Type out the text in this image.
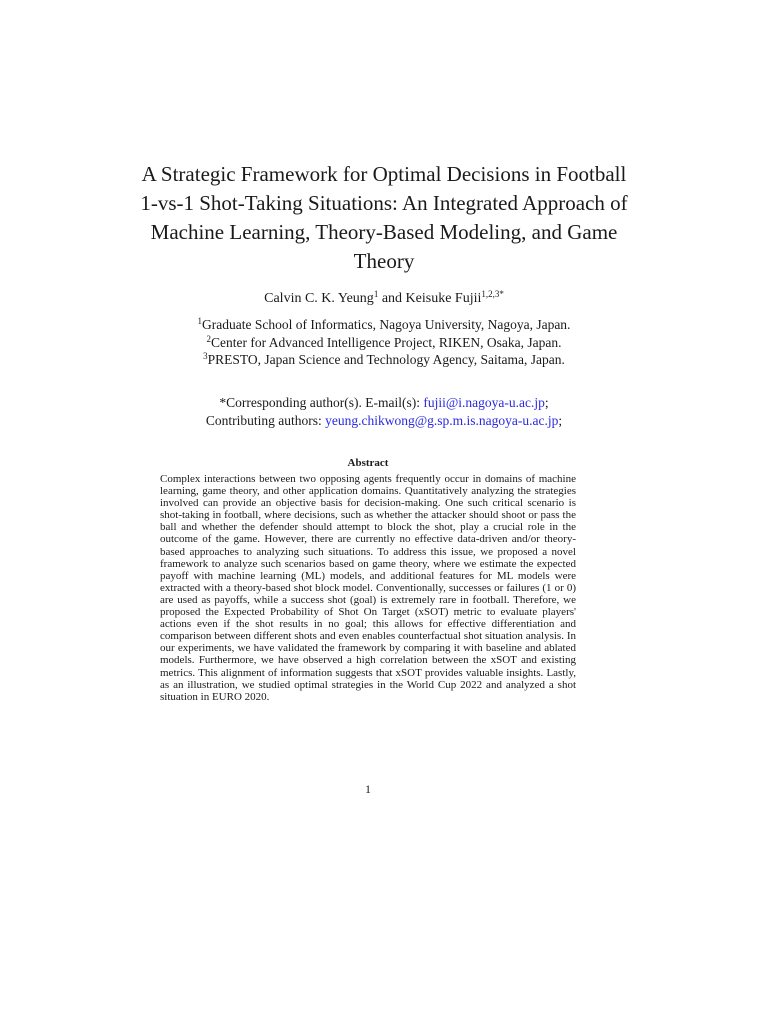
A Strategic Framework for Optimal Decisions in Football 1-vs-1 Shot-Taking Situations: An Integrated Approach of Machine Learning, Theory-Based Modeling, and Game Theory
Calvin C. K. Yeung$^1$ and Keisuke Fujii$^{1,2,3*}$
$^1$Graduate School of Informatics, Nagoya University, Nagoya, Japan.
$^2$Center for Advanced Intelligence Project, RIKEN, Osaka, Japan.
$^3$PRESTO, Japan Science and Technology Agency, Saitama, Japan.
*Corresponding author(s). E-mail(s): fujii@i.nagoya-u.ac.jp;
Contributing authors: yeung.chikwong@g.sp.m.is.nagoya-u.ac.jp;
Abstract

Complex interactions between two opposing agents frequently occur in domains of machine learning, game theory, and other application domains. Quantitatively analyzing the strategies involved can provide an objective basis for decision-making. One such critical scenario is shot-taking in football, where decisions, such as whether the attacker should shoot or pass the ball and whether the defender should attempt to block the shot, play a crucial role in the outcome of the game. However, there are currently no effective data-driven and/or theory-based approaches to analyzing such situations. To address this issue, we proposed a novel framework to analyze such scenarios based on game theory, where we estimate the expected payoff with machine learning (ML) models, and additional features for ML models were extracted with a theory-based shot block model. Conventionally, successes or failures (1 or 0) are used as payoffs, while a success shot (goal) is extremely rare in football. Therefore, we proposed the Expected Probability of Shot On Target (xSOT) metric to evaluate players' actions even if the shot results in no goal; this allows for effective differentiation and comparison between different shots and even enables counterfactual shot situation analysis. In our experiments, we have validated the framework by comparing it with baseline and ablated models. Furthermore, we have observed a high correlation between the xSOT and existing metrics. This alignment of information suggests that xSOT provides valuable insights. Lastly, as an illustration, we studied optimal strategies in the World Cup 2022 and analyzed a shot situation in EURO 2020.

1
